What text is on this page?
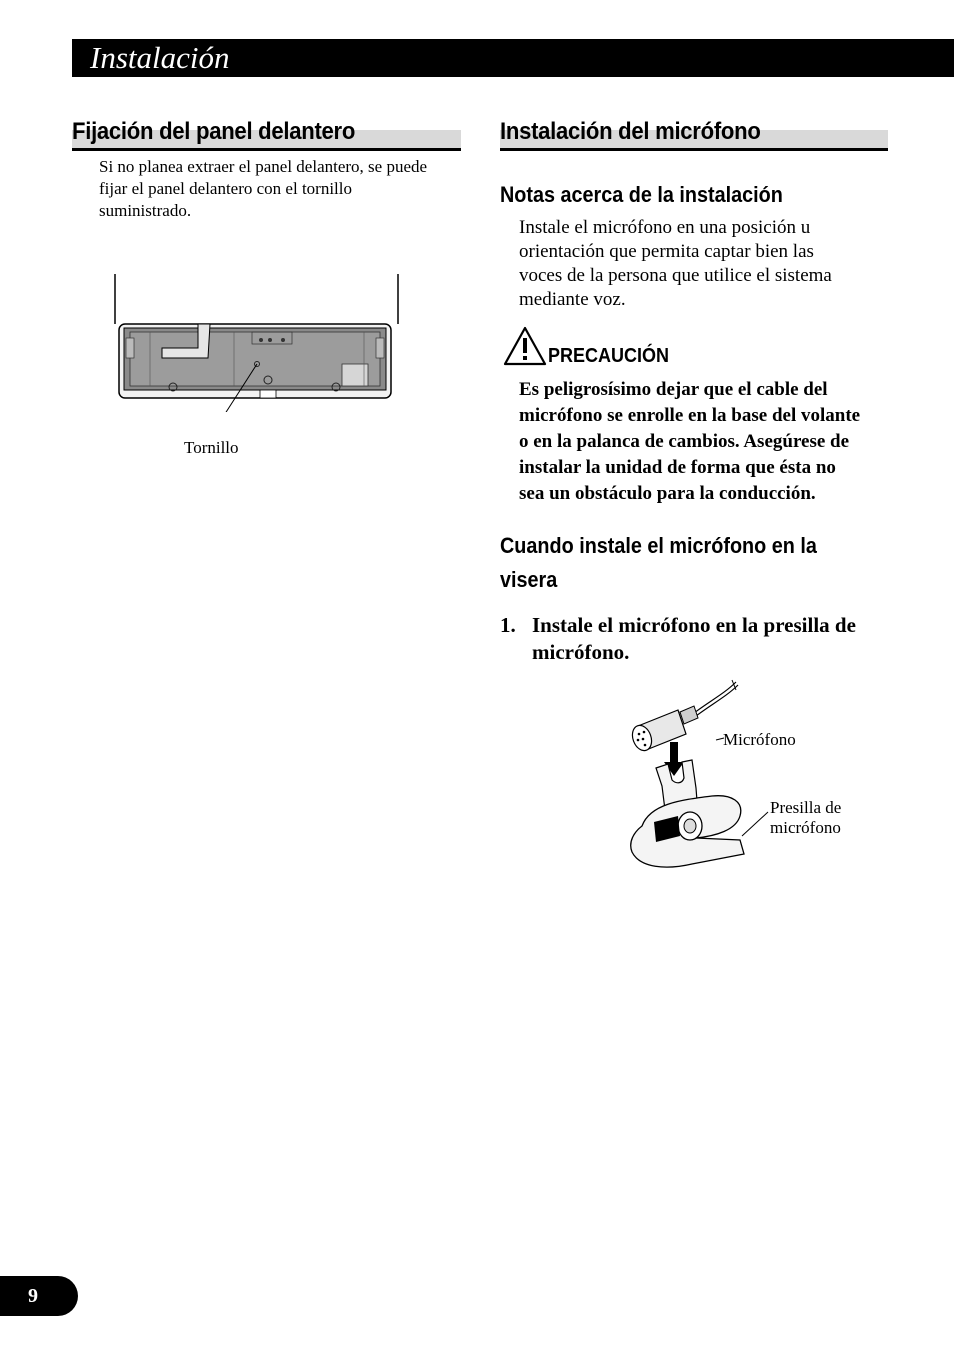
Instalación
Fijación del panel delantero
Si no planea extraer el panel delantero, se puede
fijar el panel delantero con el tornillo
suministrado.
Tornillo
Instalación del micrófono
Notas acerca de la instalación
Instale el micrófono en una posición u
orientación que permita captar bien las
voces de la persona que utilice el sistema
mediante voz.
PRECAUCIÓN
Es peligrosísimo dejar que el cable del
micrófono se enrolle en la base del volante
o en la palanca de cambios. Asegúrese de
instalar la unidad de forma que ésta no
sea un obstáculo para la conducción.
Cuando instale el micrófono en la
visera
1. Instale el micrófono en la presilla de
micrófono.
Micrófono
Presilla de
micrófono
9
